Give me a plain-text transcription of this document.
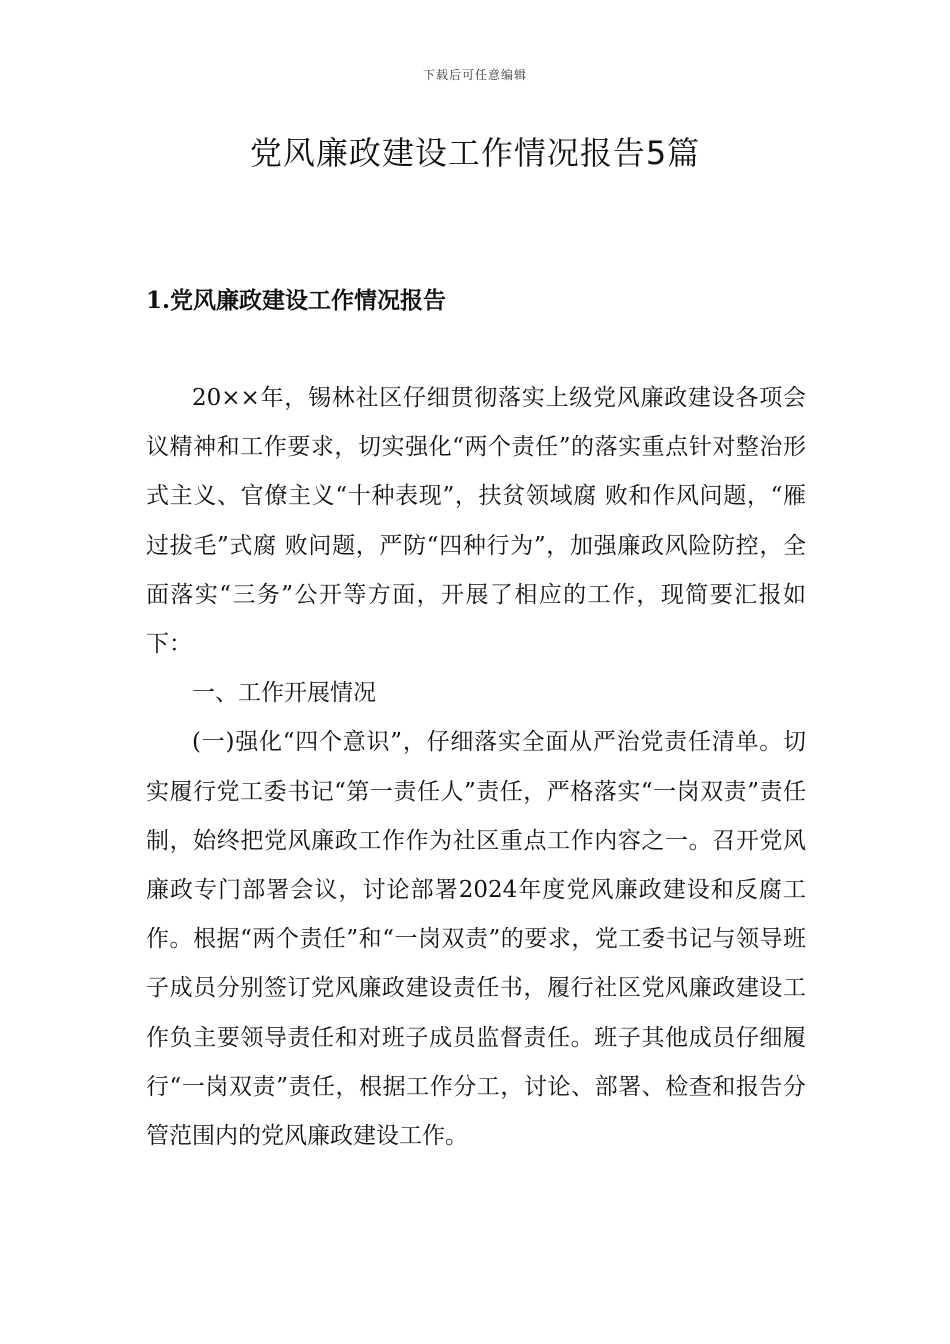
下载后可任意编辑
党风廉政建设工作情况报告5篇
1.党风廉政建设工作情况报告

20××年，锡林社区仔细贯彻落实上级党风廉政建设各项会议精神和工作要求，切实强化“两个责任”的落实重点针对整治形式主义、官僚主义“十种表现”，扶贫领域腐 败和作风问题，“雁过拔毛”式腐 败问题，严防“四种行为”，加强廉政风险防控，全面落实“三务”公开等方面，开展了相应的工作，现简要汇报如下：

一、工作开展情况

(一)强化“四个意识”，仔细落实全面从严治党责任清单。切实履行党工委书记“第一责任人”责任，严格落实“一岗双责”责任制，始终把党风廉政工作作为社区重点工作内容之一。召开党风廉政专门部署会议，讨论部署2024年度党风廉政建设和反腐工作。根据“两个责任”和“一岗双责”的要求，党工委书记与领导班子成员分别签订党风廉政建设责任书，履行社区党风廉政建设工作负主要领导责任和对班子成员监督责任。班子其他成员仔细履行“一岗双责”责任，根据工作分工，讨论、部署、检查和报告分管范围内的党风廉政建设工作。
